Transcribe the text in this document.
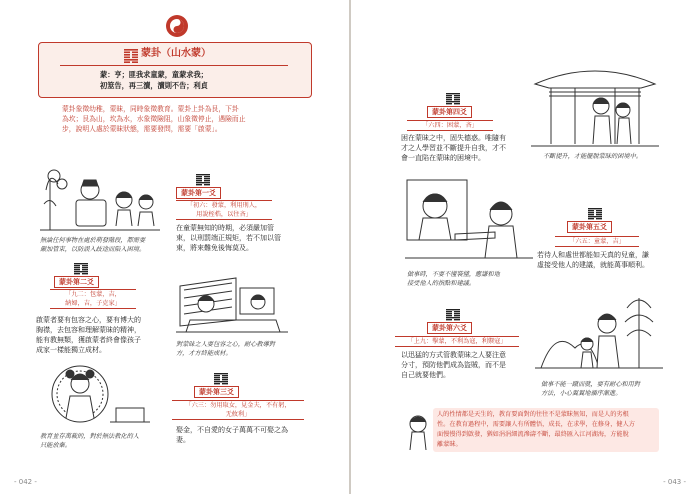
蒙卦（山水蒙）
蒙：亨；匪我求童蒙，童蒙求我；
初筮告，再三瀆，瀆則不告；利貞
蒙卦象徵幼稚，蒙昧，同時象徵教育。蒙卦上卦為艮，下卦
為坎；艮為山，坎為水，水象徵險阻，山象徵停止，遇險而止
步，說明人處於蒙昧狀態，需要發問，需要「啟蒙」。
蒙卦第一爻
「初六：發蒙，利用刑人，
用說桎梏，以往吝」
在童蒙無知的時期，必須嚴加管
束，以刑罰端正規矩，若不加以管
束，將來難免後悔莫及。
無論任何事物在處於萌發階段，都需要
嚴加管束，以防誤入歧途而陷入困境。
蒙卦第二爻
「九二：包蒙，吉，
納婦，吉，子克家」
啟蒙者要有包容之心，要有博大的
胸襟，去包容和理解蒙昧的精神，
能有教無類，獲啟蒙者終會像孩子
成家一樣能獨立成材。
對蒙昧之人要包容之心，耐心教導對
方，才方終能成材。
教育並存萬載的，對於無法教化的人
只能放棄。
蒙卦第三爻
「六三：勿用取女，見金夫，不有躬，
无攸利」
娶金，不自愛的女子萬萬不可娶之為
妻。
- 042 -
蒙卦第四爻
「六四：困蒙，吝」
困在蒙昧之中，固失德惑。唯隨有
才之人學習並不斷提升自我，才不
會一直陷在蒙昧的困境中。	不斷提升，才能擺脫蒙昧的困境中。
做事時，不要不懂裝懂，應謙和地
接受他人的指點和建議。
蒙卦第五爻
「六五：童蒙，吉」
若待人和處世都能如天真的兒童，謙
虛接受他人的建議，就能萬事順利。
蒙卦第六爻
「上九：擊蒙，不利為寇，利禦寇」
以迅猛的方式管教蒙昧之人要注意
分寸，預防他們成為盜賊，而不是
自己就要他們。
做事不能一蹴而就，要有耐心和用對
方法，小心翼翼地循序漸進。
人的性情都是天生的，教育要面對的往往不是蒙昧無知，而是人的劣根
性。在教育過程中，需要讓人有所體悟，成長，在求學，在修身，健人方
面慢慢得到啟發，猶如涓涓細流滲濤不斷，最終匯入江河湖海，方能脫
離蒙昧。
- 043 -
